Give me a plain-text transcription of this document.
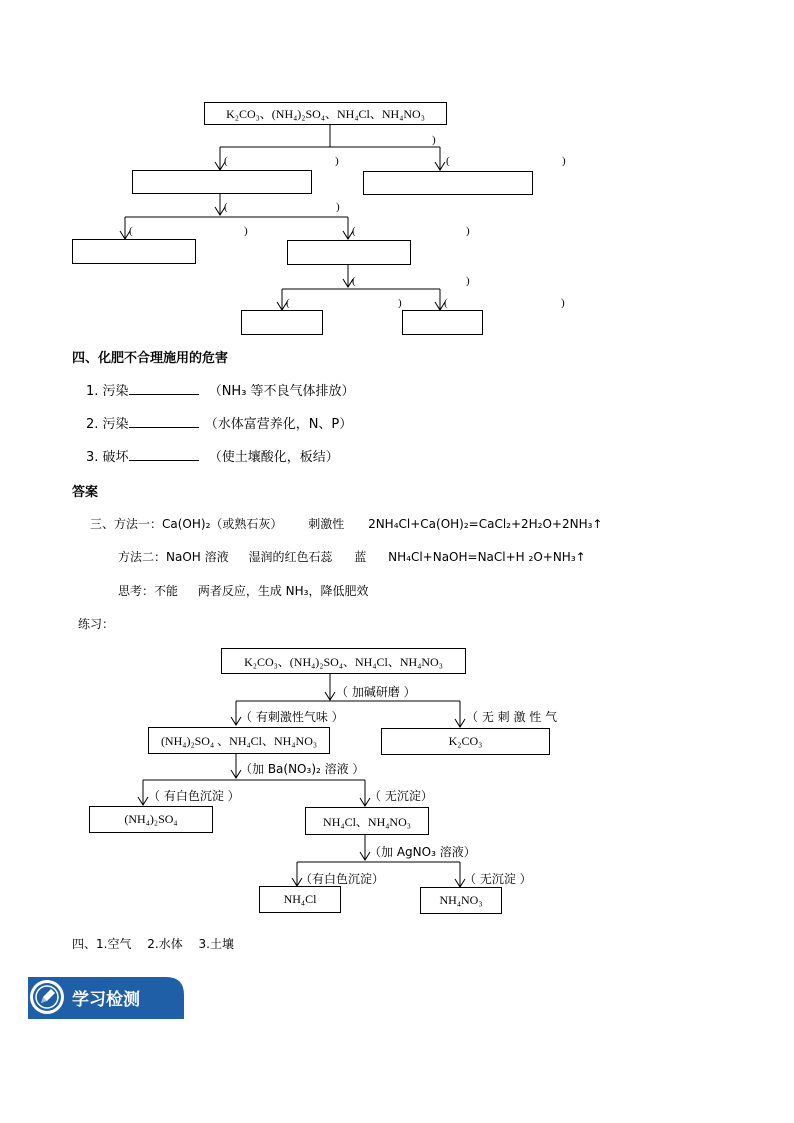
K₂CO₃、(NH₄)₂SO₄、NH₄Cl、NH₄NO₃
)
(	)	(	)
(	)
(	)	(	)
(	)
(	)	(	)
四、化肥不合理施用的危害
1. 污染	（NH₃ 等不良气体排放）
2. 污染	（水体富营养化，N、P）
3. 破坏	（使土壤酸化，板结）
答案
三、方法一：Ca(OH)₂（或熟石灰） 刺激性 2NH₄Cl+Ca(OH)₂=CaCl₂+2H₂O+2NH₃↑
方法二：NaOH 溶液 湿润的红色石蕊 蓝 NH₄Cl+NaOH=NaCl+H ₂O+NH₃↑
思考：不能 两者反应，生成 NH₃，降低肥效
练习：
K₂CO₃、(NH₄)₂SO₄、NH₄Cl、NH₄NO₃
（ 加碱研磨 ）
（ 有刺激性气味 ）	（ 无 刺 激 性 气
(NH₄)₂SO₄ 、NH₄Cl、NH₄NO₃	K₂CO₃
（加 Ba(NO₃)₂ 溶液 ）
（ 有白色沉淀 ）	（ 无沉淀）
(NH₄)₂SO₄	NH₄Cl、NH₄NO₃
（加 AgNO₃ 溶液）
（有白色沉淀）	（ 无沉淀 ）
NH₄Cl	NH₄NO₃
四、1.空气　 2.水体　 3.土壤
学习检测
